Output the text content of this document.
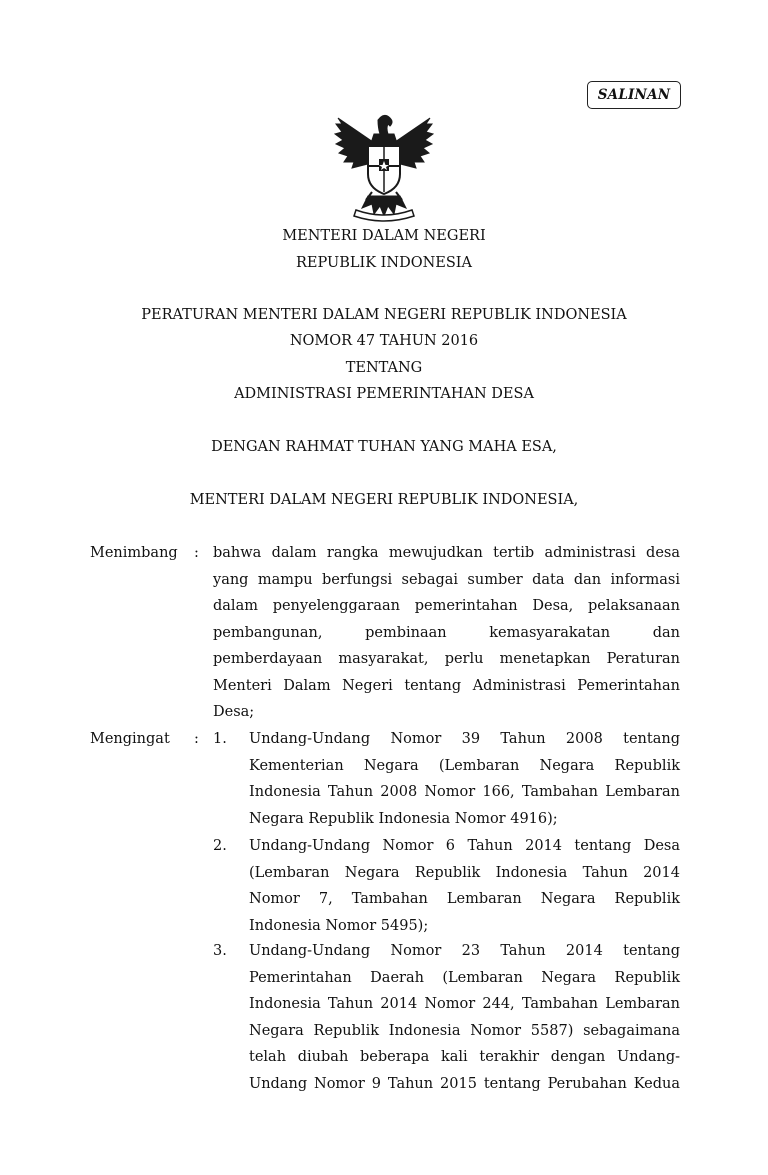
SALINAN
MENTERI DALAM NEGERI
REPUBLIK INDONESIA
PERATURAN MENTERI DALAM NEGERI REPUBLIK INDONESIA
NOMOR 47 TAHUN 2016
TENTANG
ADMINISTRASI PEMERINTAHAN DESA
DENGAN RAHMAT TUHAN YANG MAHA ESA,
MENTERI DALAM NEGERI REPUBLIK INDONESIA,
Menimbang : bahwa dalam rangka mewujudkan tertib administrasi desa
yang mampu berfungsi sebagai sumber data dan informasi
dalam penyelenggaraan pemerintahan Desa, pelaksanaan
pembangunan, pembinaan kemasyarakatan dan
pemberdayaan masyarakat, perlu menetapkan Peraturan
Menteri Dalam Negeri tentang Administrasi Pemerintahan
Desa;
Mengingat : 1. Undang-Undang Nomor 39 Tahun 2008 tentang
Kementerian Negara (Lembaran Negara Republik
Indonesia Tahun 2008 Nomor 166, Tambahan Lembaran
Negara Republik Indonesia Nomor 4916);
2. Undang-Undang Nomor 6 Tahun 2014 tentang Desa
(Lembaran Negara Republik Indonesia Tahun 2014
Nomor 7, Tambahan Lembaran Negara Republik
Indonesia Nomor 5495);
3. Undang-Undang Nomor 23 Tahun 2014 tentang
Pemerintahan Daerah (Lembaran Negara Republik
Indonesia Tahun 2014 Nomor 244, Tambahan Lembaran
Negara Republik Indonesia Nomor 5587) sebagaimana
telah diubah beberapa kali terakhir dengan Undang-
Undang Nomor 9 Tahun 2015 tentang Perubahan Kedua
